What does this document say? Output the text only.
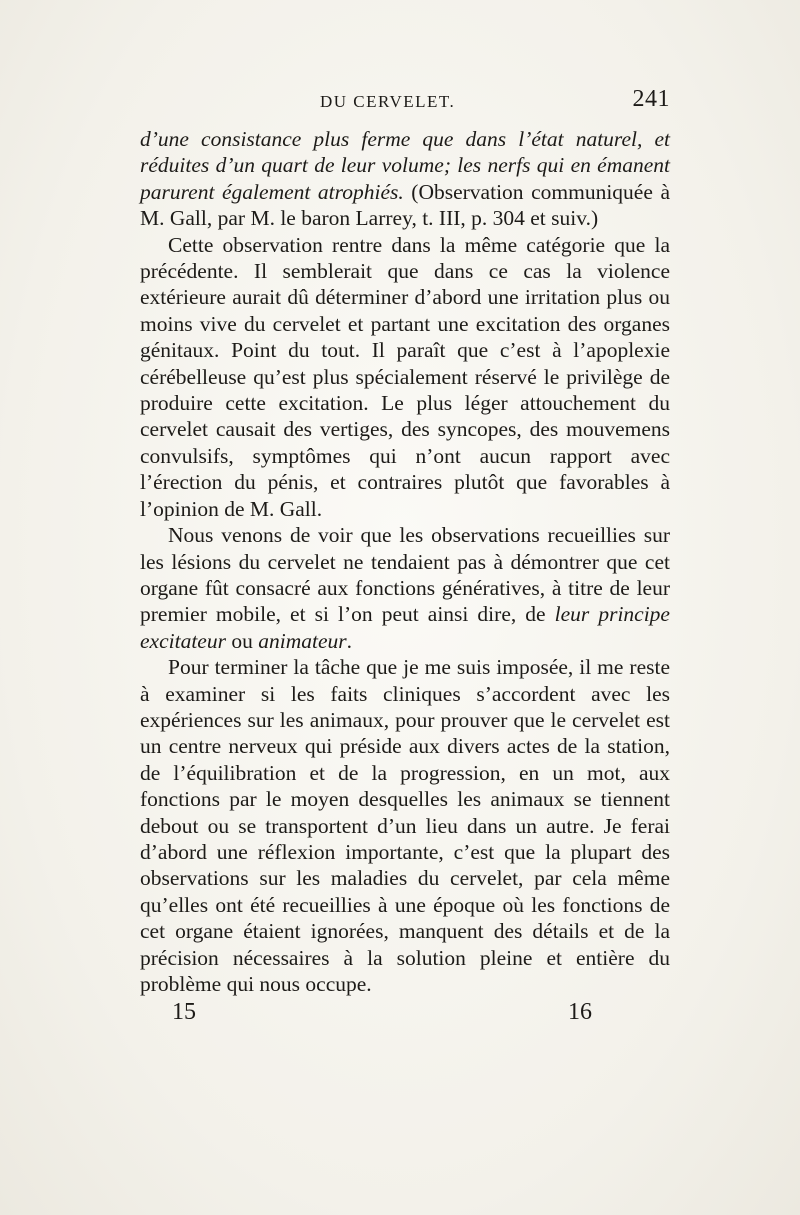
DU CERVELET.	241

d’une consistance plus ferme que dans l’état naturel, et réduites d’un quart de leur volume; les nerfs qui en émanent parurent également atrophiés. (Observation communiquée à M. Gall, par M. le baron Larrey, t. III, p. 304 et suiv.)

Cette observation rentre dans la même catégorie que la précédente. Il semblerait que dans ce cas la violence extérieure aurait dû déterminer d’abord une irritation plus ou moins vive du cervelet et partant une excitation des organes génitaux. Point du tout. Il paraît que c’est à l’apoplexie cérébelleuse qu’est plus spécialement réservé le privilège de produire cette excitation. Le plus léger attouchement du cervelet causait des vertiges, des syncopes, des mouvemens convulsifs, symptômes qui n’ont aucun rapport avec l’érection du pénis, et contraires plutôt que favorables à l’opinion de M. Gall.

Nous venons de voir que les observations recueillies sur les lésions du cervelet ne tendaient pas à démontrer que cet organe fût consacré aux fonctions génératives, à titre de leur premier mobile, et si l’on peut ainsi dire, de leur principe excitateur ou animateur.

Pour terminer la tâche que je me suis imposée, il me reste à examiner si les faits cliniques s’accordent avec les expériences sur les animaux, pour prouver que le cervelet est un centre nerveux qui préside aux divers actes de la station, de l’équilibration et de la progression, en un mot, aux fonctions par le moyen desquelles les animaux se tiennent debout ou se transportent d’un lieu dans un autre. Je ferai d’abord une réflexion importante, c’est que la plupart des observations sur les maladies du cervelet, par cela même qu’elles ont été recueillies à une époque où les fonctions de cet organe étaient ignorées, manquent des détails et de la précision nécessaires à la solution pleine et entière du problème qui nous occupe.

15	16
